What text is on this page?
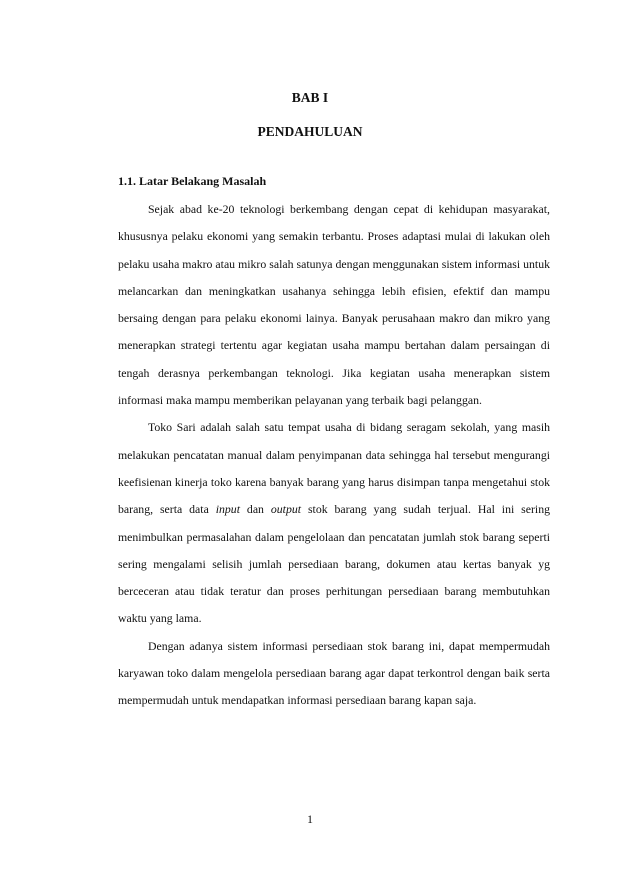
BAB I
PENDAHULUAN
1.1. Latar Belakang Masalah

Sejak abad ke-20 teknologi berkembang dengan cepat di kehidupan masyarakat, khususnya pelaku ekonomi yang semakin terbantu. Proses adaptasi mulai di lakukan oleh pelaku usaha makro atau mikro salah satunya dengan menggunakan sistem informasi untuk melancarkan dan meningkatkan usahanya sehingga lebih efisien, efektif dan mampu bersaing dengan para pelaku ekonomi lainya. Banyak perusahaan makro dan mikro yang menerapkan strategi tertentu agar kegiatan usaha mampu bertahan dalam persaingan di tengah derasnya perkembangan teknologi. Jika kegiatan usaha menerapkan sistem informasi maka mampu memberikan pelayanan yang terbaik bagi pelanggan.

Toko Sari adalah salah satu tempat usaha di bidang seragam sekolah, yang masih melakukan pencatatan manual dalam penyimpanan data sehingga hal tersebut mengurangi keefisienan kinerja toko karena banyak barang yang harus disimpan tanpa mengetahui stok barang, serta data input dan output stok barang yang sudah terjual. Hal ini sering menimbulkan permasalahan dalam pengelolaan dan pencatatan jumlah stok barang seperti sering mengalami selisih jumlah persediaan barang, dokumen atau kertas banyak yg berceceran atau tidak teratur dan proses perhitungan persediaan barang membutuhkan waktu yang lama.

Dengan adanya sistem informasi persediaan stok barang ini, dapat mempermudah karyawan toko dalam mengelola persediaan barang agar dapat terkontrol dengan baik serta mempermudah untuk mendapatkan informasi persediaan barang kapan saja.

1
